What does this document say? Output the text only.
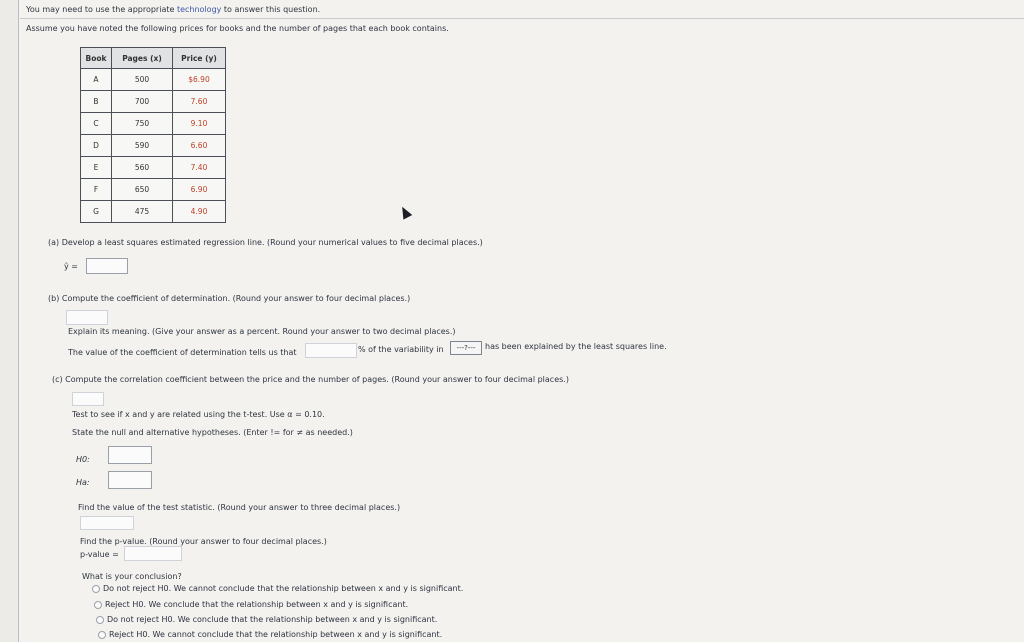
You may need to use the appropriate technology to answer this question.
Assume you have noted the following prices for books and the number of pages that each book contains.
Book	Pages (x)	Price (y)
A	500	$6.90
B	700	7.60
C	750	9.10
D	590	6.60
E	560	7.40
F	650	6.90
G	475	4.90
(a) Develop a least squares estimated regression line. (Round your numerical values to five decimal places.)
ŷ =
(b) Compute the coefficient of determination. (Round your answer to four decimal places.)
Explain its meaning. (Give your answer as a percent. Round your answer to two decimal places.)
The value of the coefficient of determination tells us that	% of the variability in	---?---	has been explained by the least squares line.
(c) Compute the correlation coefficient between the price and the number of pages. (Round your answer to four decimal places.)
Test to see if x and y are related using the t-test. Use α = 0.10.
State the null and alternative hypotheses. (Enter != for ≠ as needed.)
H0:
Ha:
Find the value of the test statistic. (Round your answer to three decimal places.)
Find the p-value. (Round your answer to four decimal places.)
p-value =
What is your conclusion?
Do not reject H0. We cannot conclude that the relationship between x and y is significant.
Reject H0. We conclude that the relationship between x and y is significant.
Do not reject H0. We conclude that the relationship between x and y is significant.
Reject H0. We cannot conclude that the relationship between x and y is significant.
